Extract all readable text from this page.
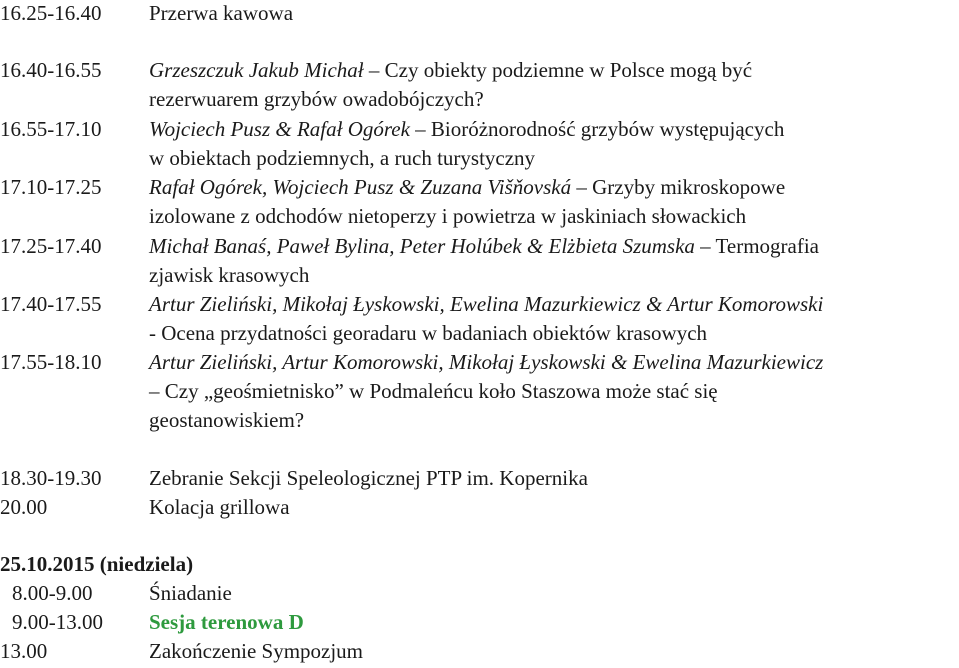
16.25-16.40 Przerwa kawowa
16.40-16.55 Grzeszczuk Jakub Michał – Czy obiekty podziemne w Polsce mogą być
rezerwuarem grzybów owadobójczych?
16.55-17.10 Wojciech Pusz & Rafał Ogórek – Bioróżnorodność grzybów występujących
w obiektach podziemnych, a ruch turystyczny
17.10-17.25 Rafał Ogórek, Wojciech Pusz & Zuzana Višňovská – Grzyby mikroskopowe
izolowane z odchodów nietoperzy i powietrza w jaskiniach słowackich
17.25-17.40 Michał Banaś, Paweł Bylina, Peter Holúbek & Elżbieta Szumska – Termografia
zjawisk krasowych
17.40-17.55 Artur Zieliński, Mikołaj Łyskowski, Ewelina Mazurkiewicz & Artur Komorowski
- Ocena przydatności georadaru w badaniach obiektów krasowych
17.55-18.10 Artur Zieliński, Artur Komorowski, Mikołaj Łyskowski & Ewelina Mazurkiewicz
– Czy „geośmietnisko” w Podmaleńcu koło Staszowa może stać się
geostanowiskiem?
18.30-19.30 Zebranie Sekcji Speleologicznej PTP im. Kopernika
20.00	Kolacja grillowa
25.10.2015 (niedziela)
8.00-9.00	Śniadanie
9.00-13.00 Sesja terenowa D
13.00	Zakończenie Sympozjum
